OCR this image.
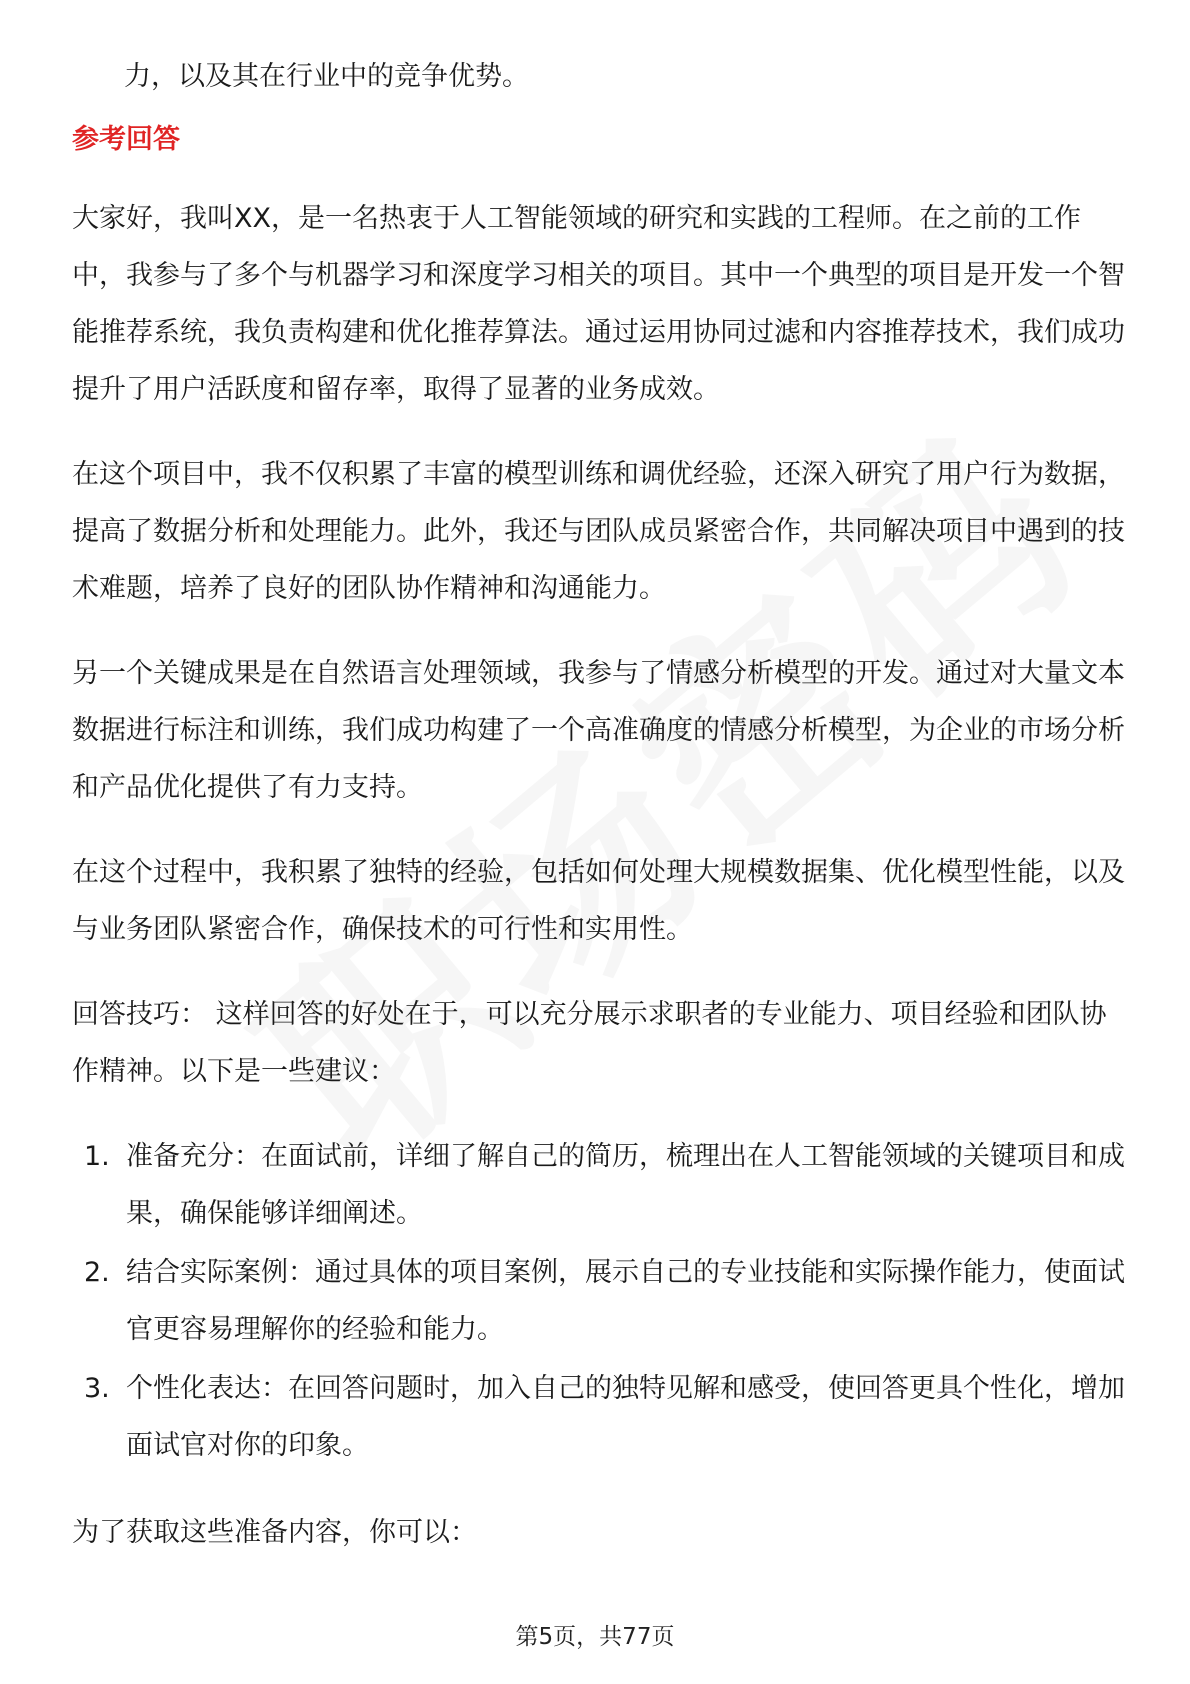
力，以及其在行业中的竞争优势。

参考回答

大家好，我叫XX，是一名热衷于人工智能领域的研究和实践的工程师。在之前的工作中，我参与了多个与机器学习和深度学习相关的项目。其中一个典型的项目是开发一个智能推荐系统，我负责构建和优化推荐算法。通过运用协同过滤和内容推荐技术，我们成功提升了用户活跃度和留存率，取得了显著的业务成效。

在这个项目中，我不仅积累了丰富的模型训练和调优经验，还深入研究了用户行为数据，提高了数据分析和处理能力。此外，我还与团队成员紧密合作，共同解决项目中遇到的技术难题，培养了良好的团队协作精神和沟通能力。

另一个关键成果是在自然语言处理领域，我参与了情感分析模型的开发。通过对大量文本数据进行标注和训练，我们成功构建了一个高准确度的情感分析模型，为企业的市场分析和产品优化提供了有力支持。

在这个过程中，我积累了独特的经验，包括如何处理大规模数据集、优化模型性能，以及与业务团队紧密合作，确保技术的可行性和实用性。

回答技巧： 这样回答的好处在于，可以充分展示求职者的专业能力、项目经验和团队协作精神。以下是一些建议：

1. 准备充分：在面试前，详细了解自己的简历，梳理出在人工智能领域的关键项目和成果，确保能够详细阐述。
2. 结合实际案例：通过具体的项目案例，展示自己的专业技能和实际操作能力，使面试官更容易理解你的经验和能力。
3. 个性化表达：在回答问题时，加入自己的独特见解和感受，使回答更具个性化，增加面试官对你的印象。

为了获取这些准备内容，你可以：

第5页，共77页
